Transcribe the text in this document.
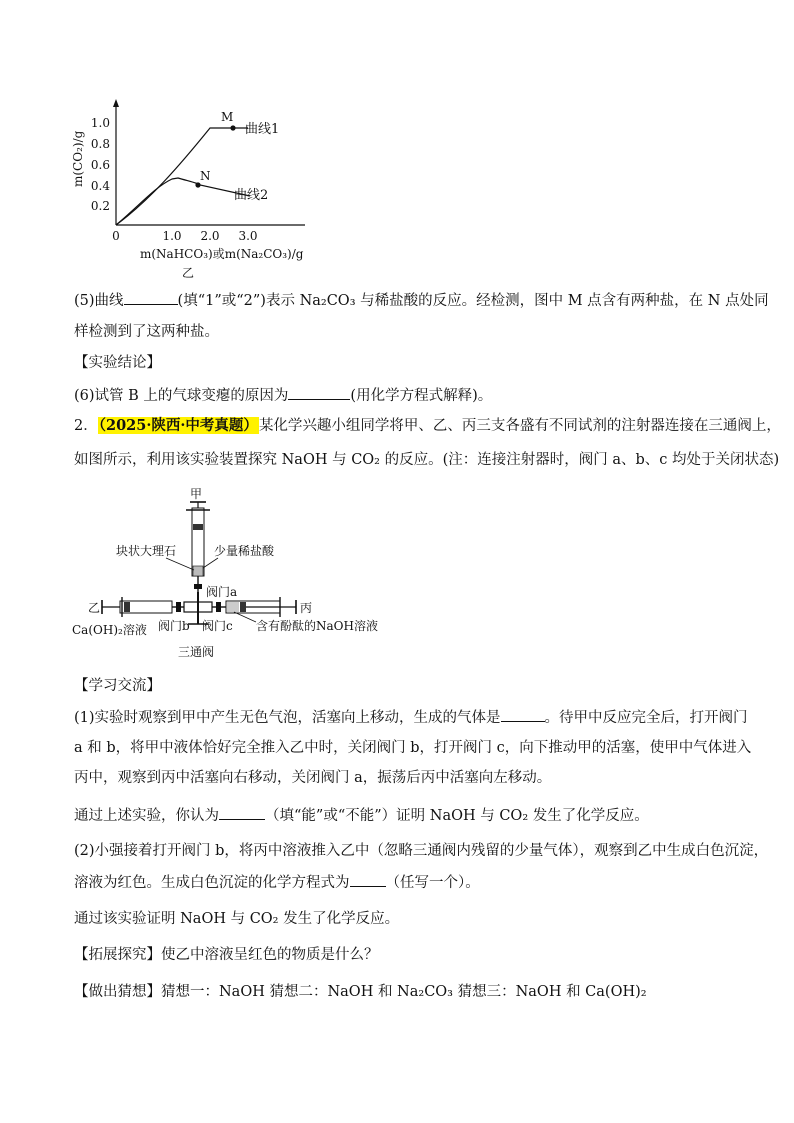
1.0
0.8
0.6
0.4
0.2
0	1.0 2.0 3.0
m(CO₂)/g
m(NaHCO₃)或m(Na₂CO₃)/g
乙
M
N
曲线1
曲线2
(5)曲线	(填“1”或“2”)表示 Na₂CO₃ 与稀盐酸的反应。经检测，图中 M 点含有两种盐，在 N 点处同
样检测到了这两种盐。
【实验结论】
(6)试管 B 上的气球变瘪的原因为	(用化学方程式解释)。
2．（2025·陕西·中考真题）某化学兴趣小组同学将甲、乙、丙三支各盛有不同试剂的注射器连接在三通阀上，
如图所示，利用该实验装置探究 NaOH 与 CO₂ 的反应。(注：连接注射器时，阀门 a、b、c 均处于关闭状态)
甲
块状大理石	少量稀盐酸
阀门a
乙
Ca(OH)₂溶液 阀门b
丙
阀门c 含有酚酞的NaOH溶液
三通阀
【学习交流】
(1)实验时观察到甲中产生无色气泡，活塞向上移动，生成的气体是	。待甲中反应完全后，打开阀门
a 和 b，将甲中液体恰好完全推入乙中时，关闭阀门 b，打开阀门 c，向下推动甲的活塞，使甲中气体进入
丙中，观察到丙中活塞向右移动，关闭阀门 a，振荡后丙中活塞向左移动。
通过上述实验，你认为	（填“能”或“不能”）证明 NaOH 与 CO₂ 发生了化学反应。
(2)小强接着打开阀门 b，将丙中溶液推入乙中（忽略三通阀内残留的少量气体），观察到乙中生成白色沉淀，
溶液为红色。生成白色沉淀的化学方程式为 （任写一个）。
通过该实验证明 NaOH 与 CO₂ 发生了化学反应。
【拓展探究】使乙中溶液呈红色的物质是什么？
【做出猜想】猜想一：NaOH 猜想二：NaOH 和 Na₂CO₃ 猜想三：NaOH 和 Ca(OH)₂
